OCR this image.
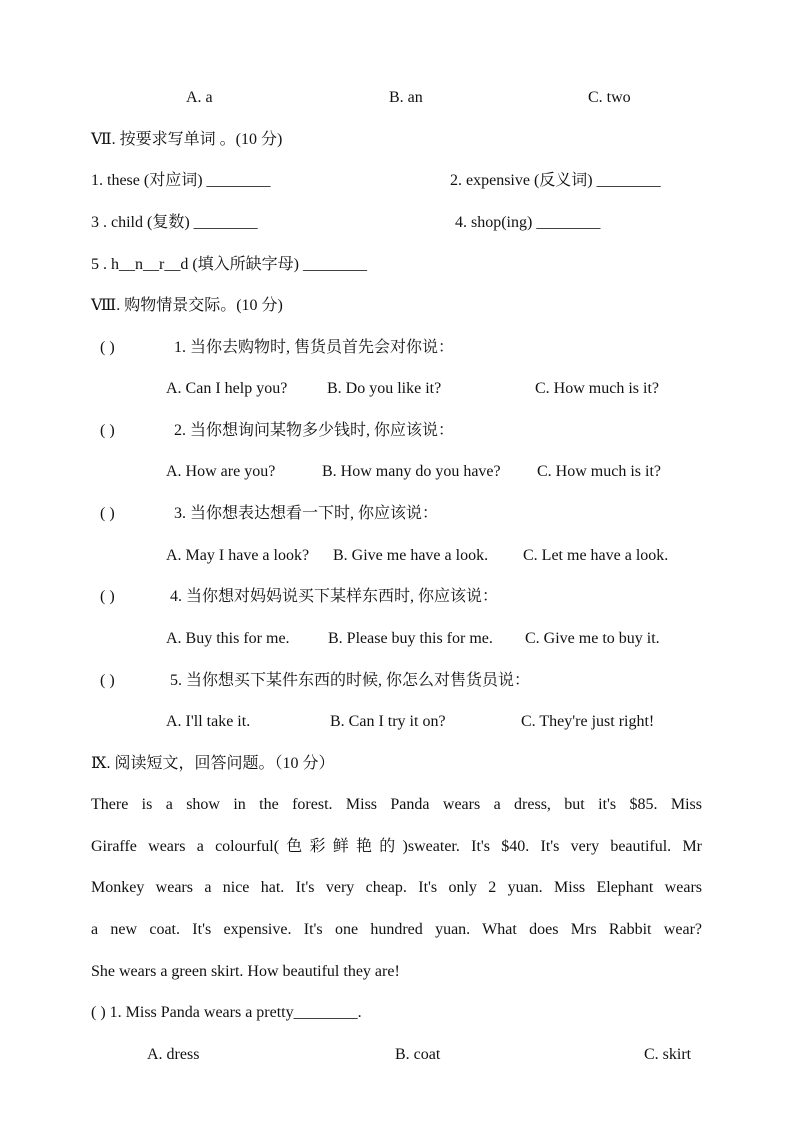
A. a	B. an	C. two
Ⅶ. 按要求写单词 。(10 分)
1. these (对应词) ________	2. expensive (反义词) ________
3 . child (复数) ________	4. shop(ing) ________
5 . h__n__r__d (填入所缺字母) ________
Ⅷ. 购物情景交际。(10 分)
( )	1. 当你去购物时, 售货员首先会对你说：
A. Can I help you? B. Do you like it?	C. How much is it?
( )	2. 当你想询问某物多少钱时, 你应该说：
A. How are you?	B. How many do you have? C. How much is it?
( )	3. 当你想表达想看一下时, 你应该说：
A. May I have a look? B. Give me have a look. C. Let me have a look.
( )	4. 当你想对妈妈说买下某样东西时, 你应该说：
A. Buy this for me. B. Please buy this for me. C. Give me to buy it.
( )	5. 当你想买下某件东西的时候, 你怎么对售货员说：
A. I'll take it.	B. Can I try it on?	C. They're just right!
Ⅸ. 阅读短文，回答问题。（10 分）
There is a show in the forest. Miss Panda wears a dress, but it's $85. Miss
Giraffe wears a colourful(色彩鲜艳的)sweater. It's $40. It's very beautiful. Mr
Monkey wears a nice hat. It's very cheap. It's only 2 yuan. Miss Elephant wears
a new coat. It's expensive. It's one hundred yuan. What does Mrs Rabbit wear?
She wears a green skirt. How beautiful they are!
( ) 1. Miss Panda wears a pretty________.
A. dress	B. coat	C. skirt
